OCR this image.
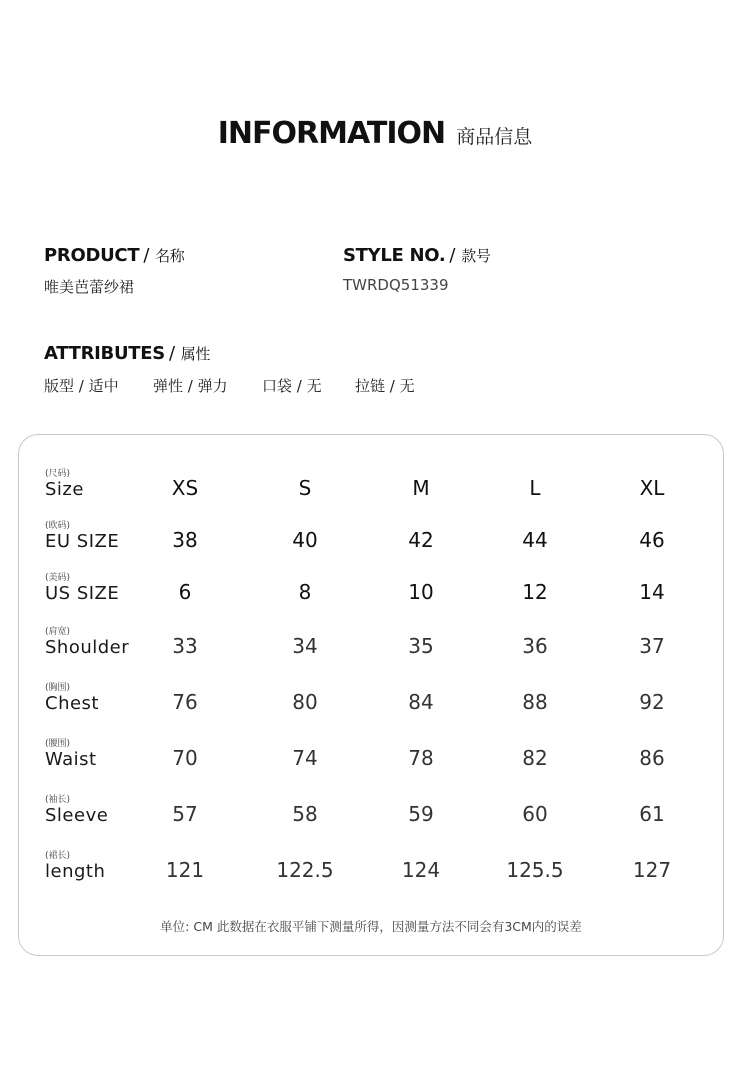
INFORMATION 商品信息
PRODUCT / 名称
唯美芭蕾纱裙
STYLE NO. / 款号
TWRDQ51339
ATTRIBUTES / 属性
版型 / 适中 弹性 / 弹力 口袋 / 无 拉链 / 无
(尺码)
Size	XS	S	M	L	XL
(欧码)
EU SIZE	38	40	42	44	46
(美码)
US SIZE	6	8	10	12	14
(肩宽)
Shoulder	33	34	35	36	37
(胸围)
Chest	76	80	84	88	92
(腰围)
Waist	70	74	78	82	86
(袖长)
Sleeve	57	58	59	60	61
(裙长)
length	121	122.5	124	125.5	127
单位: CM 此数据在衣服平铺下测量所得，因测量方法不同会有3CM内的误差
